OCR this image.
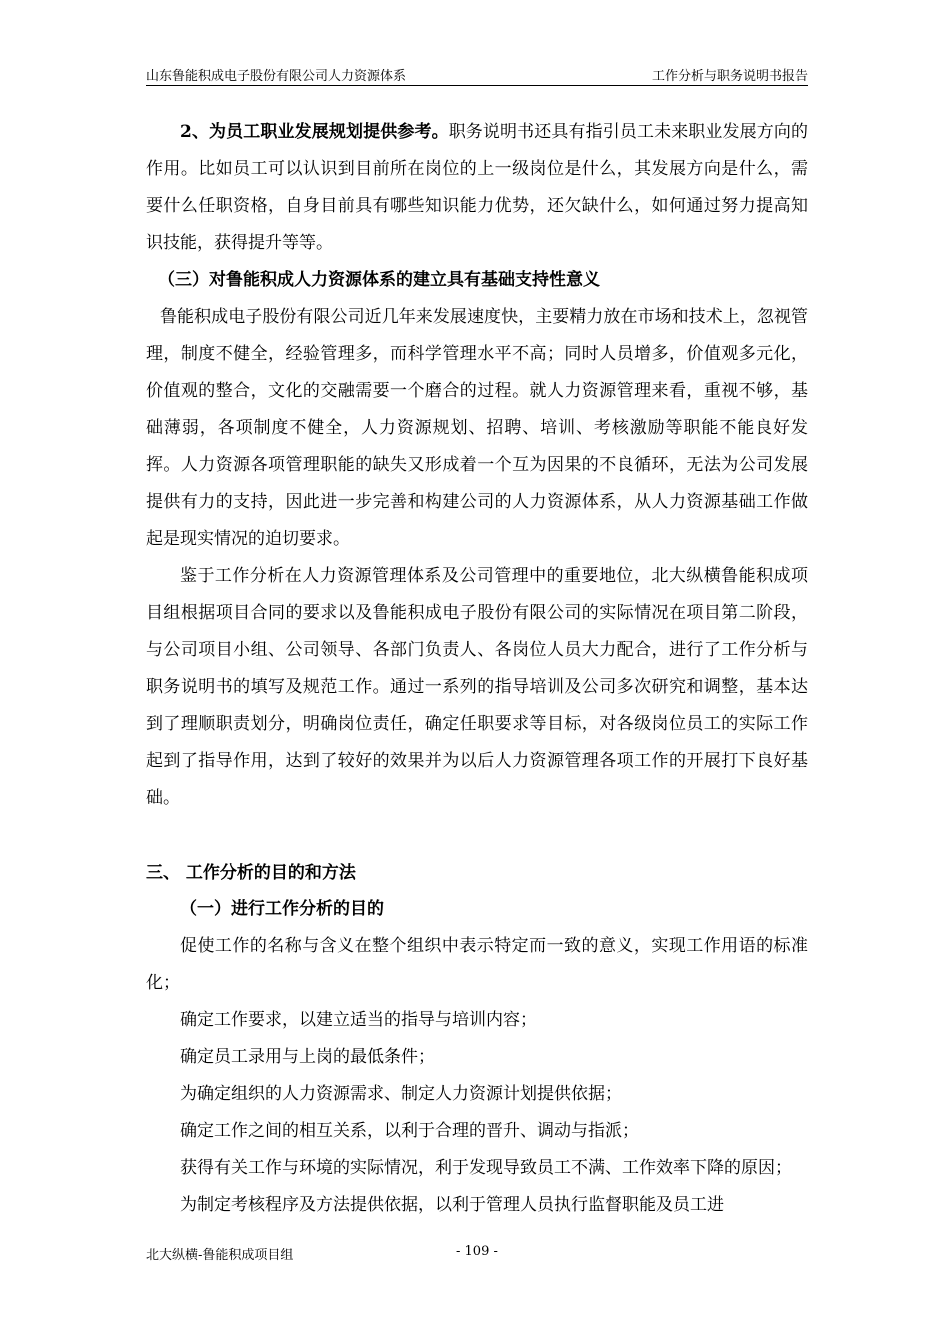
山东鲁能积成电子股份有限公司人力资源体系	工作分析与职务说明书报告

2、为员工职业发展规划提供参考。职务说明书还具有指引员工未来职业发展方向的作用。比如员工可以认识到目前所在岗位的上一级岗位是什么，其发展方向是什么，需要什么任职资格，自身目前具有哪些知识能力优势，还欠缺什么，如何通过努力提高知识技能，获得提升等等。

（三）对鲁能积成人力资源体系的建立具有基础支持性意义

鲁能积成电子股份有限公司近几年来发展速度快，主要精力放在市场和技术上，忽视管理，制度不健全，经验管理多，而科学管理水平不高；同时人员增多，价值观多元化，价值观的整合，文化的交融需要一个磨合的过程。就人力资源管理来看，重视不够，基础薄弱，各项制度不健全，人力资源规划、招聘、培训、考核激励等职能不能良好发挥。人力资源各项管理职能的缺失又形成着一个互为因果的不良循环，无法为公司发展提供有力的支持，因此进一步完善和构建公司的人力资源体系，从人力资源基础工作做起是现实情况的迫切要求。

鉴于工作分析在人力资源管理体系及公司管理中的重要地位，北大纵横鲁能积成项目组根据项目合同的要求以及鲁能积成电子股份有限公司的实际情况在项目第二阶段，与公司项目小组、公司领导、各部门负责人、各岗位人员大力配合，进行了工作分析与职务说明书的填写及规范工作。通过一系列的指导培训及公司多次研究和调整，基本达到了理顺职责划分，明确岗位责任，确定任职要求等目标，对各级岗位员工的实际工作起到了指导作用，达到了较好的效果并为以后人力资源管理各项工作的开展打下良好基础。

三、 工作分析的目的和方法

（一）进行工作分析的目的

促使工作的名称与含义在整个组织中表示特定而一致的意义，实现工作用语的标准化；

确定工作要求，以建立适当的指导与培训内容；

确定员工录用与上岗的最低条件；

为确定组织的人力资源需求、制定人力资源计划提供依据；

确定工作之间的相互关系，以利于合理的晋升、调动与指派；

获得有关工作与环境的实际情况，利于发现导致员工不满、工作效率下降的原因；

为制定考核程序及方法提供依据，以利于管理人员执行监督职能及员工进

北大纵横-鲁能积成项目组	- 109 -
